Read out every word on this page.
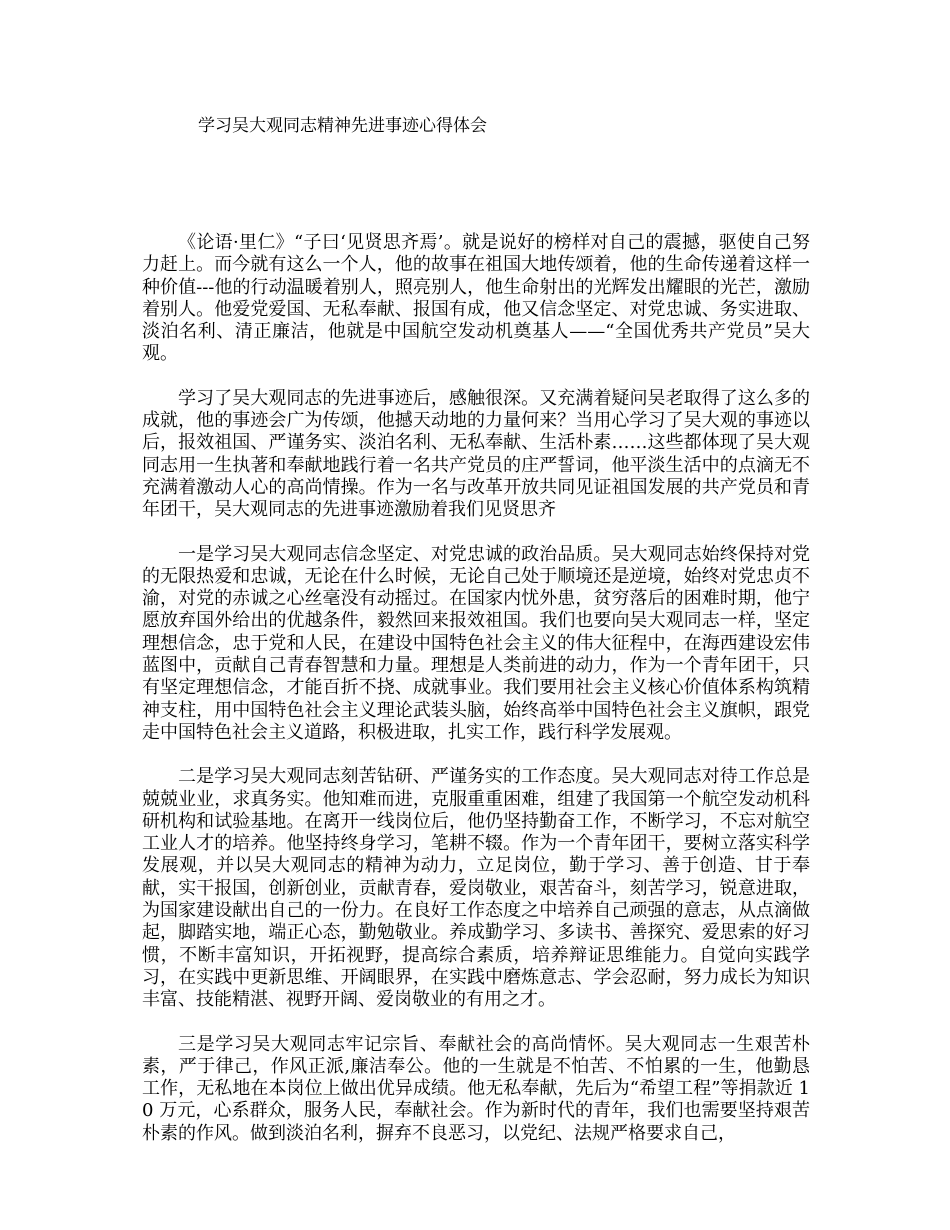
学习吴大观同志精神先进事迹心得体会

《论语·里仁》“子曰‘见贤思齐焉’。就是说好的榜样对自己的震撼，驱使自己努力赶上。而今就有这么一个人，他的故事在祖国大地传颂着，他的生命传递着这样一种价值---他的行动温暖着别人，照亮别人，他生命射出的光辉发出耀眼的光芒，激励着别人。他爱党爱国、无私奉献、报国有成，他又信念坚定、对党忠诚、务实进取、淡泊名利、清正廉洁，他就是中国航空发动机奠基人——“全国优秀共产党员”吴大观。

学习了吴大观同志的先进事迹后，感触很深。又充满着疑问吴老取得了这么多的成就，他的事迹会广为传颂，他撼天动地的力量何来？当用心学习了吴大观的事迹以后，报效祖国、严谨务实、淡泊名利、无私奉献、生活朴素……这些都体现了吴大观同志用一生执著和奉献地践行着一名共产党员的庄严誓词，他平淡生活中的点滴无不充满着激动人心的高尚情操。作为一名与改革开放共同见证祖国发展的共产党员和青年团干，吴大观同志的先进事迹激励着我们见贤思齐

一是学习吴大观同志信念坚定、对党忠诚的政治品质。吴大观同志始终保持对党的无限热爱和忠诚，无论在什么时候，无论自己处于顺境还是逆境，始终对党忠贞不渝，对党的赤诚之心丝毫没有动摇过。在国家内忧外患，贫穷落后的困难时期，他宁愿放弃国外给出的优越条件，毅然回来报效祖国。我们也要向吴大观同志一样，坚定理想信念，忠于党和人民，在建设中国特色社会主义的伟大征程中，在海西建设宏伟蓝图中，贡献自己青春智慧和力量。理想是人类前进的动力，作为一个青年团干，只有坚定理想信念，才能百折不挠、成就事业。我们要用社会主义核心价值体系构筑精神支柱，用中国特色社会主义理论武装头脑，始终高举中国特色社会主义旗帜，跟党走中国特色社会主义道路，积极进取，扎实工作，践行科学发展观。

二是学习吴大观同志刻苦钻研、严谨务实的工作态度。吴大观同志对待工作总是兢兢业业，求真务实。他知难而进，克服重重困难，组建了我国第一个航空发动机科研机构和试验基地。在离开一线岗位后，他仍坚持勤奋工作，不断学习，不忘对航空工业人才的培养。他坚持终身学习，笔耕不辍。作为一个青年团干，要树立落实科学发展观，并以吴大观同志的精神为动力，立足岗位，勤于学习、善于创造、甘于奉献，实干报国，创新创业，贡献青春，爱岗敬业，艰苦奋斗，刻苦学习，锐意进取，为国家建设献出自己的一份力。在良好工作态度之中培养自己顽强的意志，从点滴做起，脚踏实地，端正心态，勤勉敬业。养成勤学习、多读书、善探究、爱思索的好习惯，不断丰富知识，开拓视野，提高综合素质，培养辩证思维能力。自觉向实践学习，在实践中更新思维、开阔眼界，在实践中磨炼意志、学会忍耐，努力成长为知识丰富、技能精湛、视野开阔、爱岗敬业的有用之才。

三是学习吴大观同志牢记宗旨、奉献社会的高尚情怀。吴大观同志一生艰苦朴素，严于律己，作风正派,廉洁奉公。他的一生就是不怕苦、不怕累的一生，他勤恳工作，无私地在本岗位上做出优异成绩。他无私奉献，先后为“希望工程”等捐款近 10 万元，心系群众，服务人民，奉献社会。作为新时代的青年，我们也需要坚持艰苦朴素的作风。做到淡泊名利，摒弃不良恶习，以党纪、法规严格要求自己，
